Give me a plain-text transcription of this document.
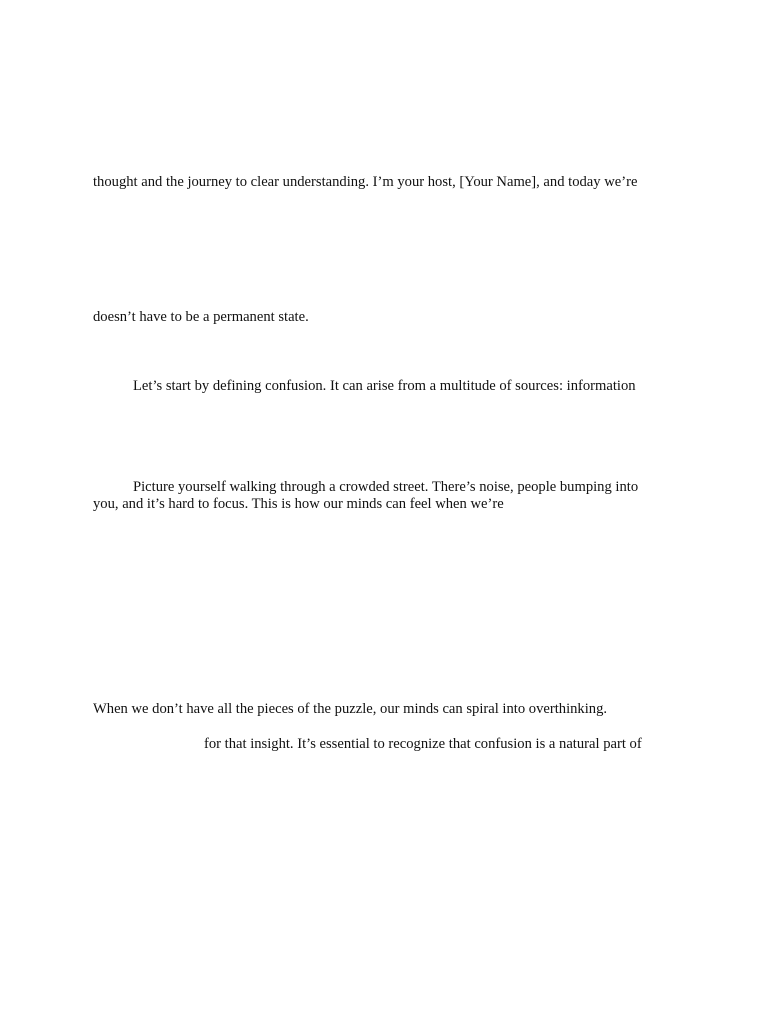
thought and the journey to clear understanding. I’m your host, [Your Name], and today we’re
doesn’t have to be a permanent state.
Let’s start by defining confusion. It can arise from a multitude of sources: information
Picture yourself walking through a crowded street. There’s noise, people bumping into
you, and it’s hard to focus. This is how our minds can feel when we’re
When we don’t have all the pieces of the puzzle, our minds can spiral into overthinking.
for that insight. It’s essential to recognize that confusion is a natural part of
